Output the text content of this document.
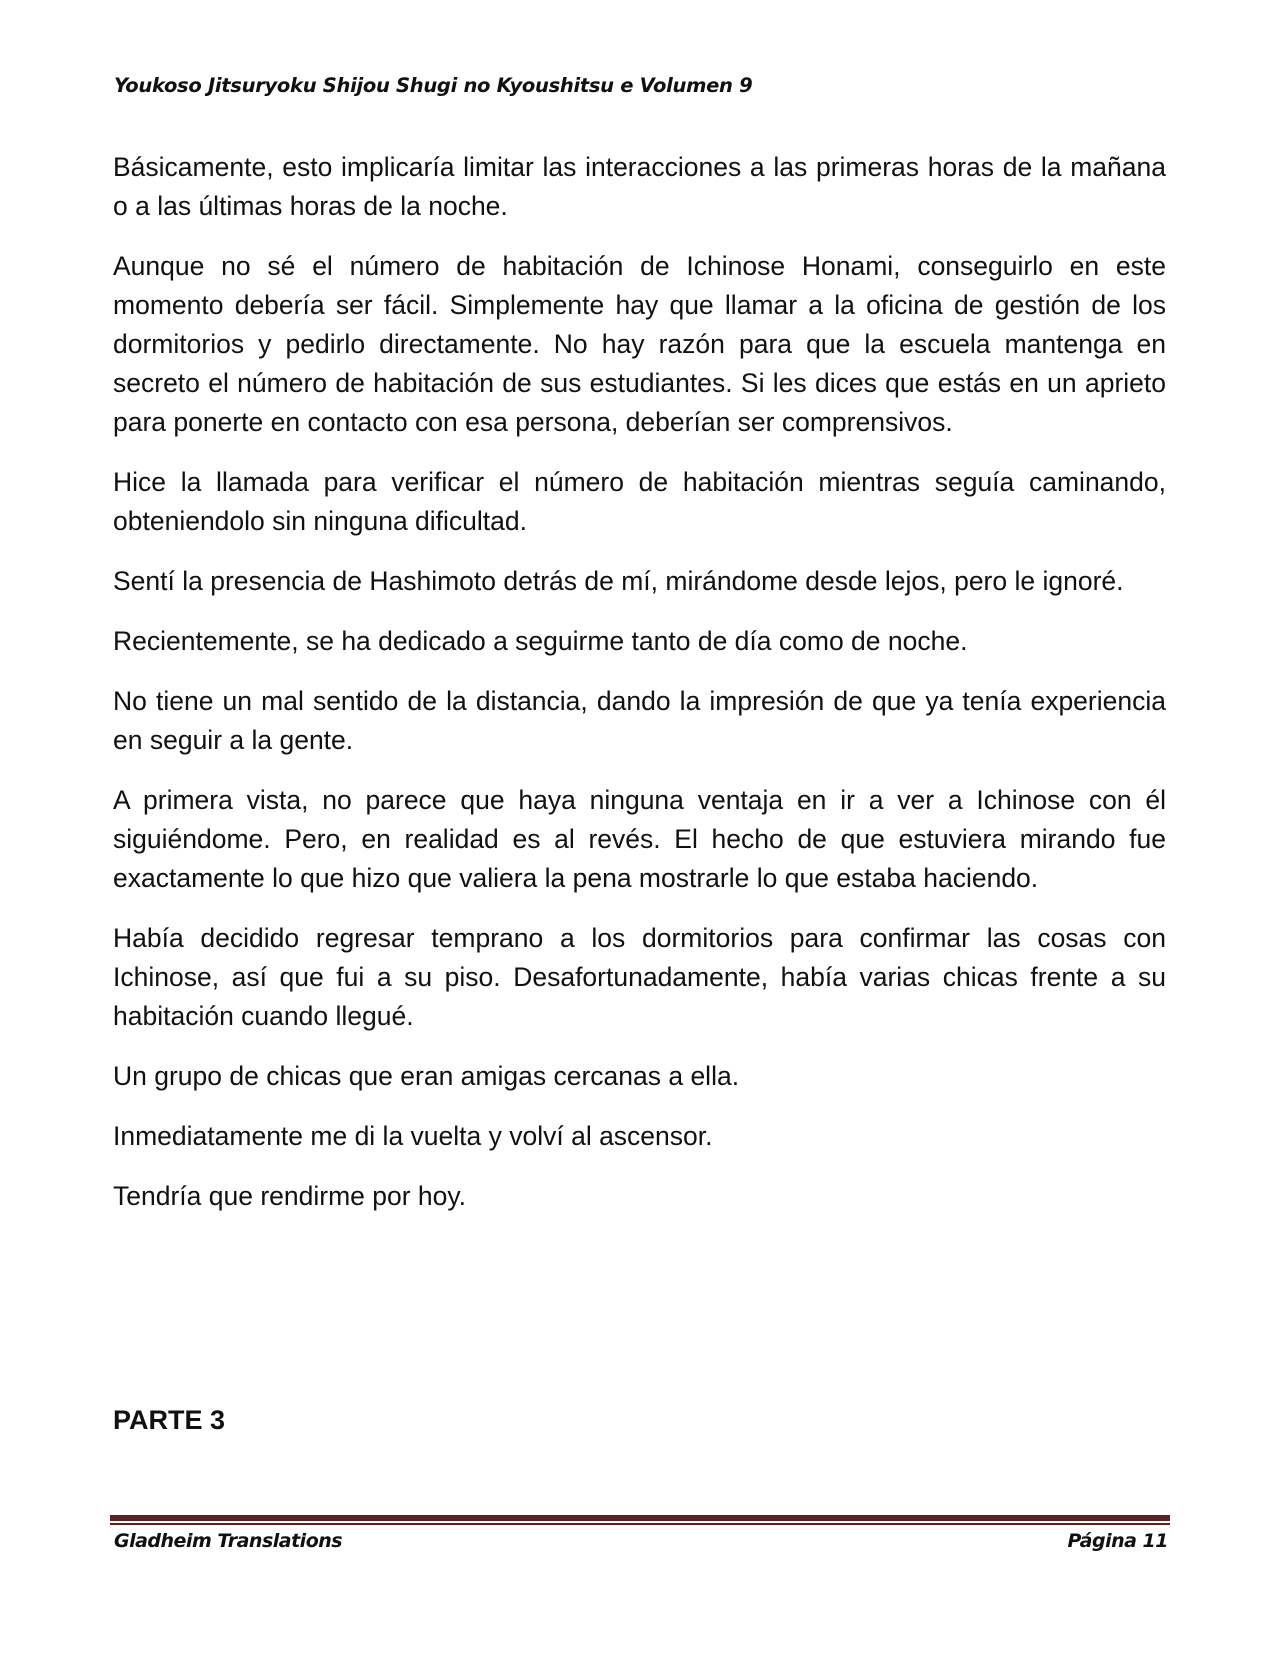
Youkoso Jitsuryoku Shijou Shugi no Kyoushitsu e Volumen 9

Básicamente, esto implicaría limitar las interacciones a las primeras horas de la mañana o a las últimas horas de la noche.

Aunque no sé el número de habitación de Ichinose Honami, conseguirlo en este momento debería ser fácil. Simplemente hay que llamar a la oficina de gestión de los dormitorios y pedirlo directamente. No hay razón para que la escuela mantenga en secreto el número de habitación de sus estudiantes. Si les dices que estás en un aprieto para ponerte en contacto con esa persona, deberían ser comprensivos.

Hice la llamada para verificar el número de habitación mientras seguía caminando, obteniendolo sin ninguna dificultad.

Sentí la presencia de Hashimoto detrás de mí, mirándome desde lejos, pero le ignoré.

Recientemente, se ha dedicado a seguirme tanto de día como de noche.

No tiene un mal sentido de la distancia, dando la impresión de que ya tenía experiencia en seguir a la gente.

A primera vista, no parece que haya ninguna ventaja en ir a ver a Ichinose con él siguiéndome. Pero, en realidad es al revés. El hecho de que estuviera mirando fue exactamente lo que hizo que valiera la pena mostrarle lo que estaba haciendo.

Había decidido regresar temprano a los dormitorios para confirmar las cosas con Ichinose, así que fui a su piso. Desafortunadamente, había varias chicas frente a su habitación cuando llegué.

Un grupo de chicas que eran amigas cercanas a ella.

Inmediatamente me di la vuelta y volví al ascensor.

Tendría que rendirme por hoy.

PARTE 3
Gladheim Translations	Página 11
